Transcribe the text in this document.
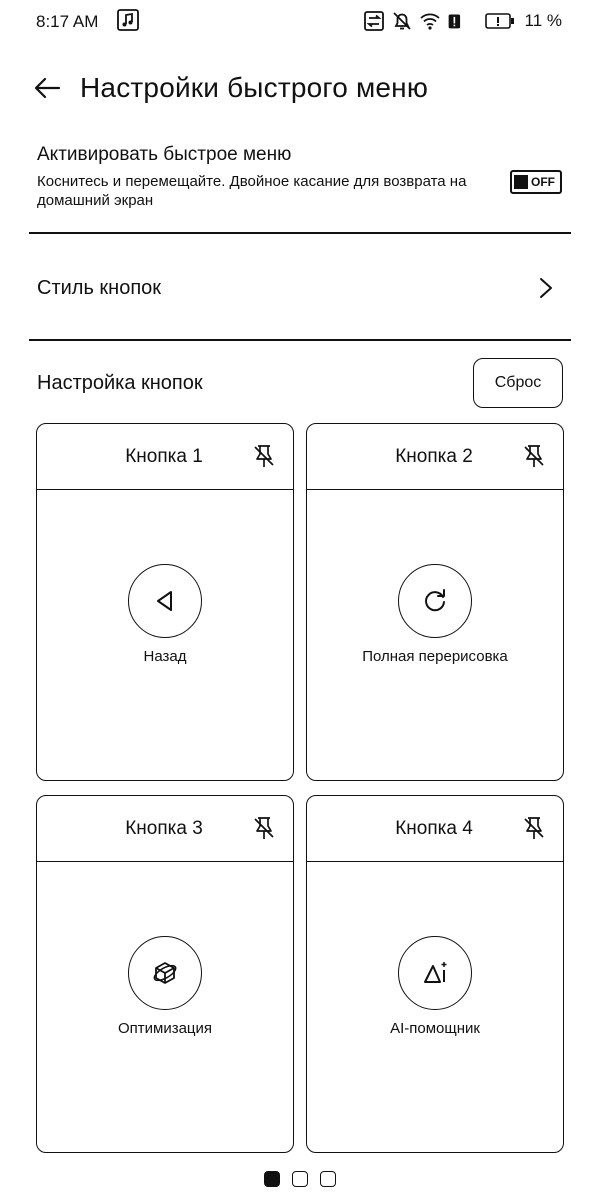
8:17 AM	11 %
Настройки быстрого меню
Активировать быстрое меню
Коснитесь и перемещайте. Двойное касание для возврата на домашний экран
OFF
Стиль кнопок
Настройка кнопок	Сброс
Кнопка 1
Назад
Кнопка 2
Полная перерисовка
Кнопка 3
Оптимизация
Кнопка 4
AI-помощник
